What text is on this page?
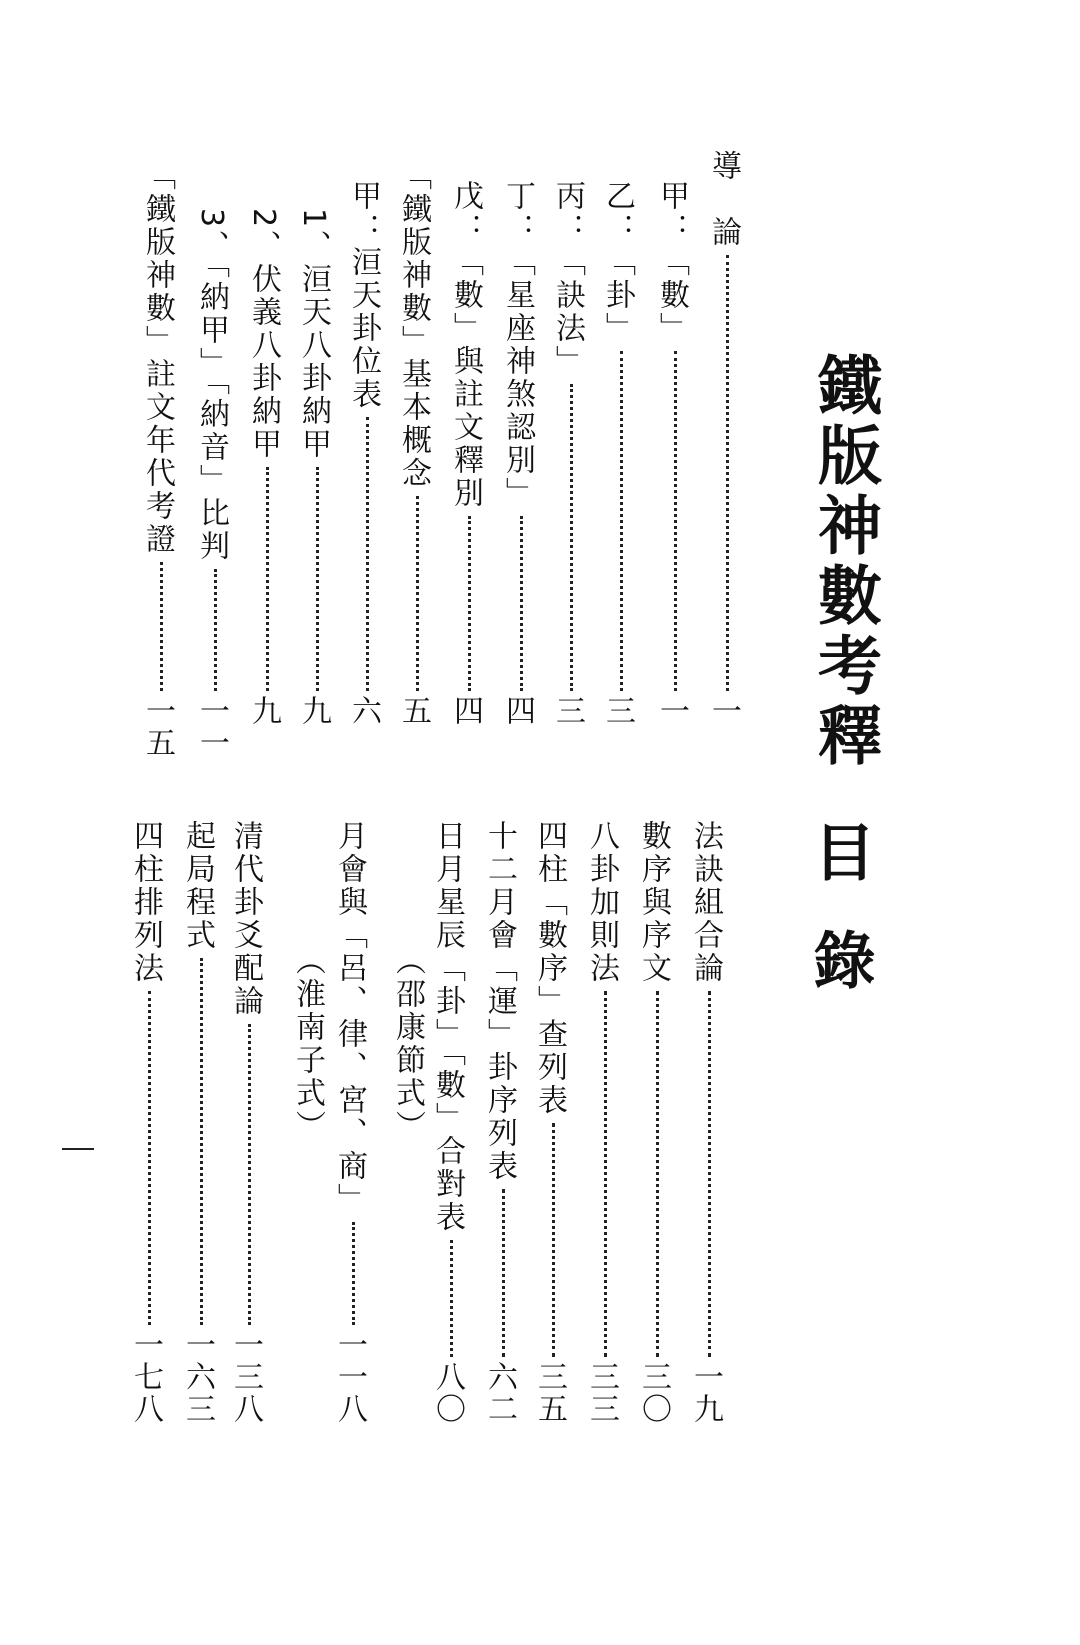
鐵版神數考釋
目錄
導　論
一
甲：「數」
一
乙：「卦」
三
丙：「訣法」
三
丁：「星座神煞認別」
四
戊：「數」與註文釋別
四
「鐵版神數」基本概念
五
甲：洹天卦位表
六
1、洹天八卦納甲
九
2、伏義八卦納甲
九
3、「納甲」「納音」比判
一一
「鐵版神數」註文年代考證
一五
法訣組合論
一九
數序與序文
三〇
八卦加則法
三三
四柱「數序」查列表
三五
十二月會「運」卦序列表
六二
日月星辰「卦」「數」合對表
八〇
（邵康節式）
月會與「呂、律、宮、商」
一一八
（淮南子式）
清代卦爻配論
一三八
起局程式
一六三
四柱排列法
一七八
